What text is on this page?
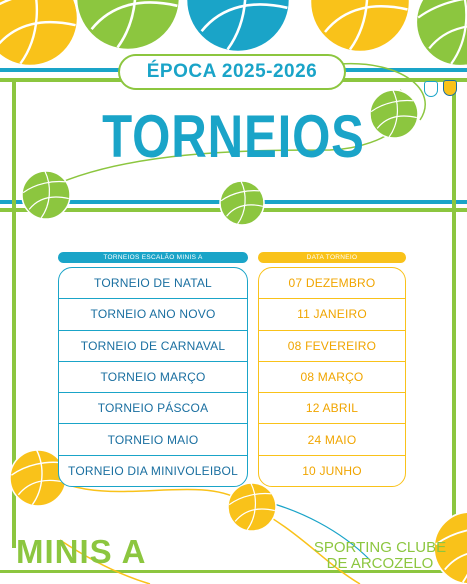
ÉPOCA 2025-2026
TORNEIOS
TORNEIOS ESCALÃO MINIS A	DATA TORNEIO
TORNEIO DE NATAL
TORNEIO ANO NOVO
TORNEIO DE CARNAVAL
TORNEIO MARÇO
TORNEIO PÁSCOA
TORNEIO MAIO
TORNEIO DIA MINIVOLEIBOL
07 DEZEMBRO
11 JANEIRO
08 FEVEREIRO
08 MARÇO
12 ABRIL
24 MAIO
10 JUNHO
MINIS A	SPORTING CLUBE
DE ARCOZELO
